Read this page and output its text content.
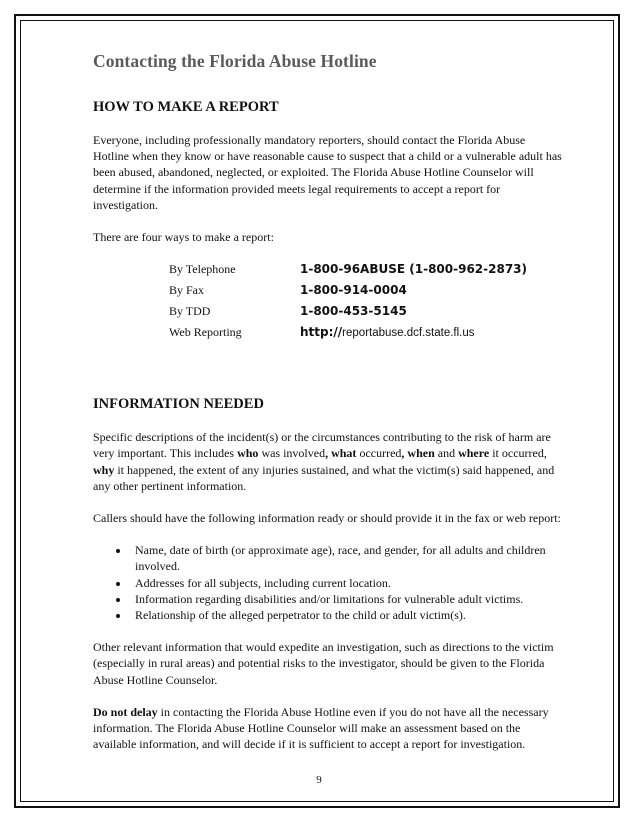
Contacting the Florida Abuse Hotline
HOW TO MAKE A REPORT

Everyone, including professionally mandatory reporters, should contact the Florida Abuse Hotline when they know or have reasonable cause to suspect that a child or a vulnerable adult has been abused, abandoned, neglected, or exploited. The Florida Abuse Hotline Counselor will determine if the information provided meets legal requirements to accept a report for investigation.

There are four ways to make a report:

By Telephone	1-800-96ABUSE (1-800-962-2873)
By Fax	1-800-914-0004
By TDD	1-800-453-5145
Web Reporting	http://reportabuse.dcf.state.fl.us
INFORMATION NEEDED

Specific descriptions of the incident(s) or the circumstances contributing to the risk of harm are very important. This includes who was involved, what occurred, when and where it occurred, why it happened, the extent of any injuries sustained, and what the victim(s) said happened, and any other pertinent information.

Callers should have the following information ready or should provide it in the fax or web report:

• Name, date of birth (or approximate age), race, and gender, for all adults and children involved.
• Addresses for all subjects, including current location.
• Information regarding disabilities and/or limitations for vulnerable adult victims.
• Relationship of the alleged perpetrator to the child or adult victim(s).

Other relevant information that would expedite an investigation, such as directions to the victim (especially in rural areas) and potential risks to the investigator, should be given to the Florida Abuse Hotline Counselor.

Do not delay in contacting the Florida Abuse Hotline even if you do not have all the necessary information. The Florida Abuse Hotline Counselor will make an assessment based on the available information, and will decide if it is sufficient to accept a report for investigation.

9
